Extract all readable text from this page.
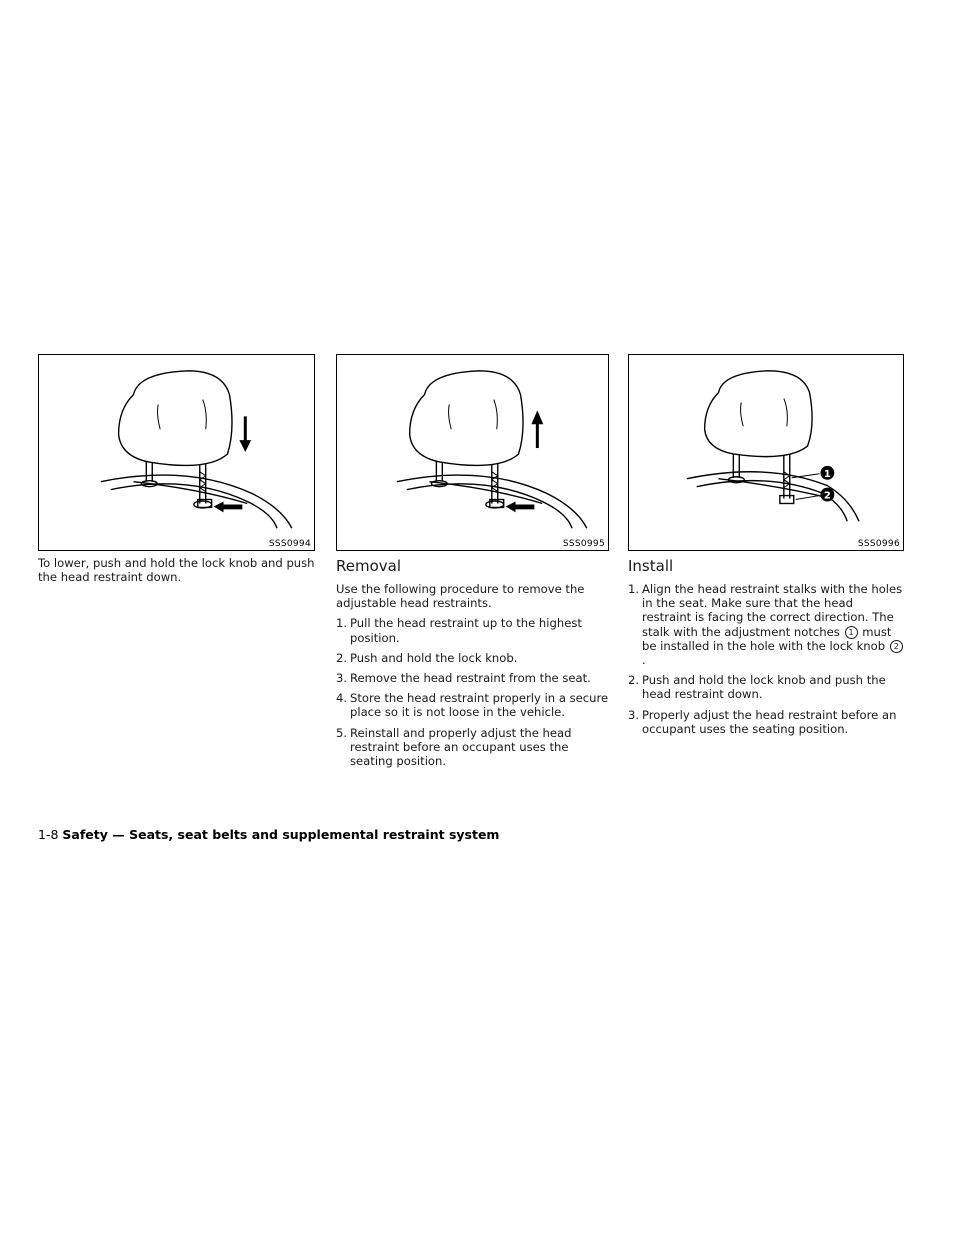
SSS0994

To lower, push and hold the lock knob and push the head restraint down.

SSS0995
Removal

Use the following procedure to remove the adjustable head restraints.

1. Pull the head restraint up to the highest position.
2. Push and hold the lock knob.
3. Remove the head restraint from the seat.
4. Store the head restraint properly in a secure place so it is not loose in the vehicle.
5. Reinstall and properly adjust the head restraint before an occupant uses the seating position.
1
2
SSS0996
Install
1. Align the head restraint stalks with the holes in the seat. Make sure that the head restraint is facing the correct direction. The stalk with the adjustment notches 1 must be installed in the hole with the lock knob 2.
2. Push and hold the lock knob and push the head restraint down.
3. Properly adjust the head restraint before an occupant uses the seating position.
1-8 Safety — Seats, seat belts and supplemental restraint system
